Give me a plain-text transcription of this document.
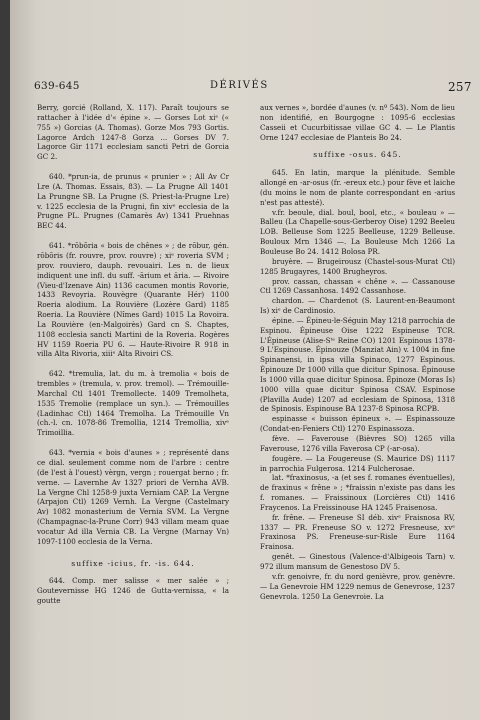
639-645	DÉRIVÉS	257

Berry, gorcié (Rolland, X. 117). Paraît toujours se rattacher à l'idée d'« épine ». — Gorses Lot xiᵉ (« 755 ») Gorcias (A. Thomas). Gorze Mos 793 Gortis. Lagorce Ardch 1247-8 Gorza ... Gorses DV 7. Lagorce Gir 1171 ecclesiam sancti Petri de Gorcia GC 2.

640. *prun-ia, de prunus « prunier » ; All Av Cr Lre (A. Thomas. Essais, 83). — La Prugne All 1401 La Prungne SB. La Prugne (S. Priest-la-Prugne Lre) v. 1225 ecclesia de la Prugni, fin xivᵉ ecclesia de la Prugne PL. Prugnes (Camarès Av) 1341 Pruehnas BEC 44.

641. *rōbŏria « bois de chênes » ; de rōbur, gén. rōbŏris (fr. rouvre, prov. rouvre) ; xiᵉ roveria SVM ; prov. rouviero, dauph. revouairi. Les n. de lieux indiquent une infl. du suff. -ārium et ăria. — Rivoire (Vieu-d'Izenave Ain) 1136 cacumen montis Rovorie, 1433 Revoyria. Rouvègre (Quarante Hér) 1100 Roeria alodium. La Rouvière (Lozère Gard) 1185 Roeria. La Rouvière (Nîmes Gard) 1015 La Rovoira. La Rouvière (en-Malgoirès) Gard cn S. Chaptes, 1108 ecclesia sancti Martini de la Roveria. Rogères HV 1159 Roeria PU 6. — Haute-Rivoire R 918 in villa Alta Rivoria, xiiiᵉ Alta Rivoiri CS.

642. *tremulia, lat. du m. à tremolia « bois de trembles » (tremula, v. prov. tremol). — Trémouille-Marchal Ctl 1401 Tremollecte. 1409 Tremolheta, 1535 Tremolie (remplace un syn.). — Trémouilles (Ladinhac Ctl) 1464 Tremolha. La Trémouille Vn (ch.-l. cn. 1078-86 Tremollia, 1214 Tremollia, xivᵉ Trimoillia.

643. *vernia « bois d'aunes » ; représenté dans ce dial. seulement comme nom de l'arbre : centre (de l'est à l'ouest) vèrgn, vergn ; rouergat berno ; fr. verne. — Lavernhe Av 1327 priori de Vernha AVB. La Vergne Chl 1258-9 juxta Verniam CAP. La Vergne (Arpajon Ctl) 1269 Vernh. La Vergne (Castelmary Av) 1082 monasterium de Vernia SVM. La Vergne (Champagnac-la-Prune Corr) 943 villam meam quae vocatur Ad illa Vernia CB. La Vergne (Marnay Vn) 1097-1100 ecclesia de la Verna.

suffixe -icius, fr. -is. 644.

644. Comp. mer salisse « mer salée » ; Goutevernisse HG 1246 de Gutta-vernissa, « la goutte

aux vernes », bordée d'aunes (v. nº 543). Nom de lieu non identifié, en Bourgogne : 1095-6 ecclesias Casseii et Cucurbitissae villae GC 4. — Le Plantis Orne 1247 ecclesiae de Planteis Bo 24.

suffixe -osus. 645.

645. En latin, marque la plénitude. Semble allongé en -ar-osus (fr. -ereux etc.) pour fève et laiche (du moins le nom de plante correspondant en -arius n'est pas attesté).

v.fr. beoule, dial. boul, bool, etc., « bouleau » — Balleu (La Chapelle-sous-Gerberoy Oise) 1292 Beeleu LOB. Belleuse Som 1225 Beelleuse, 1229 Belleuse. Bouloux Mrn 1346 —. La Bouleuse Mch 1266 La Bouleuse Bo 24. 1412 Bolosa PR.

bruyère. — Brugeirousz (Chastel-sous-Murat Ctl) 1285 Brugayres, 1400 Brugheyros.

prov. cassan, chassan « chêne ». — Cassanouse Ctl 1269 Cassanhosa. 1492 Cassanhose.

chardon. — Chardenot (S. Laurent-en-Beaumont Is) xiᵉ de Cardinosio.

épine. — Épineu-le-Séguin May 1218 parrochia de Espinou. Épineuse Oise 1222 Espineuse TCR. L'Épineuse (Alise-Sᵗᵉ Reine CO) 1201 Espinous 1378-9 L'Espinouse. Épinouze (Manziat Ain) v. 1004 in fine Spinanensi, in ipsa villa Spinaco, 1277 Espinous. Épinouze Dr 1000 villa que dicitur Spinosa. Épinouse Is 1000 villa quae dicitur Spinosa. Épinoze (Moras Is) 1000 villa quae dicitur Spinosa CSAV. Espinose (Plavilla Aude) 1207 ad ecclesiam de Spinosa, 1318 de Spinosis. Espinouse BA 1237-8 Spinosa RCPB.

espinasse « buisson épineux ». — Espinassouze (Condat-en-Feniers Ctl) 1270 Espinassoza.

fève. — Faverouse (Bièvres SO) 1265 villa Faverouse, 1276 villa Faverosa CP (-ar-osa).

fougère. — La Fougereuse (S. Maurice DS) 1117 in parrochia Fulgerosa. 1214 Fulcherosae.

lat. *fraxinosus, -a (et ses f. romanes éventuelles), de fraxinus « frêne » ; *fraissin n'existe pas dans les f. romanes. — Fraissinoux (Lorcières Ctl) 1416 Fraycenos. La Freissinouse HA 1245 Fraisenosa.

fr. frêne. — Freneuse SI déb. xivᵉ Fraisnosa RV, 1337 — PR. Freneuse SO v. 1272 Fresneuse, xvᵉ Fraxinosa PS. Freneuse-sur-Risle Eure 1164 Frainosa.

genêt. — Ginestous (Valence-d'Albigeois Tarn) v. 972 illum mansum de Genestoso DV 5.

v.fr. genoivre, fr. du nord genièvre, prov. genèvre. — La Genevroie HM 1229 nemus de Genevrose, 1237 Genevrola. 1250 La Genevroie. La
